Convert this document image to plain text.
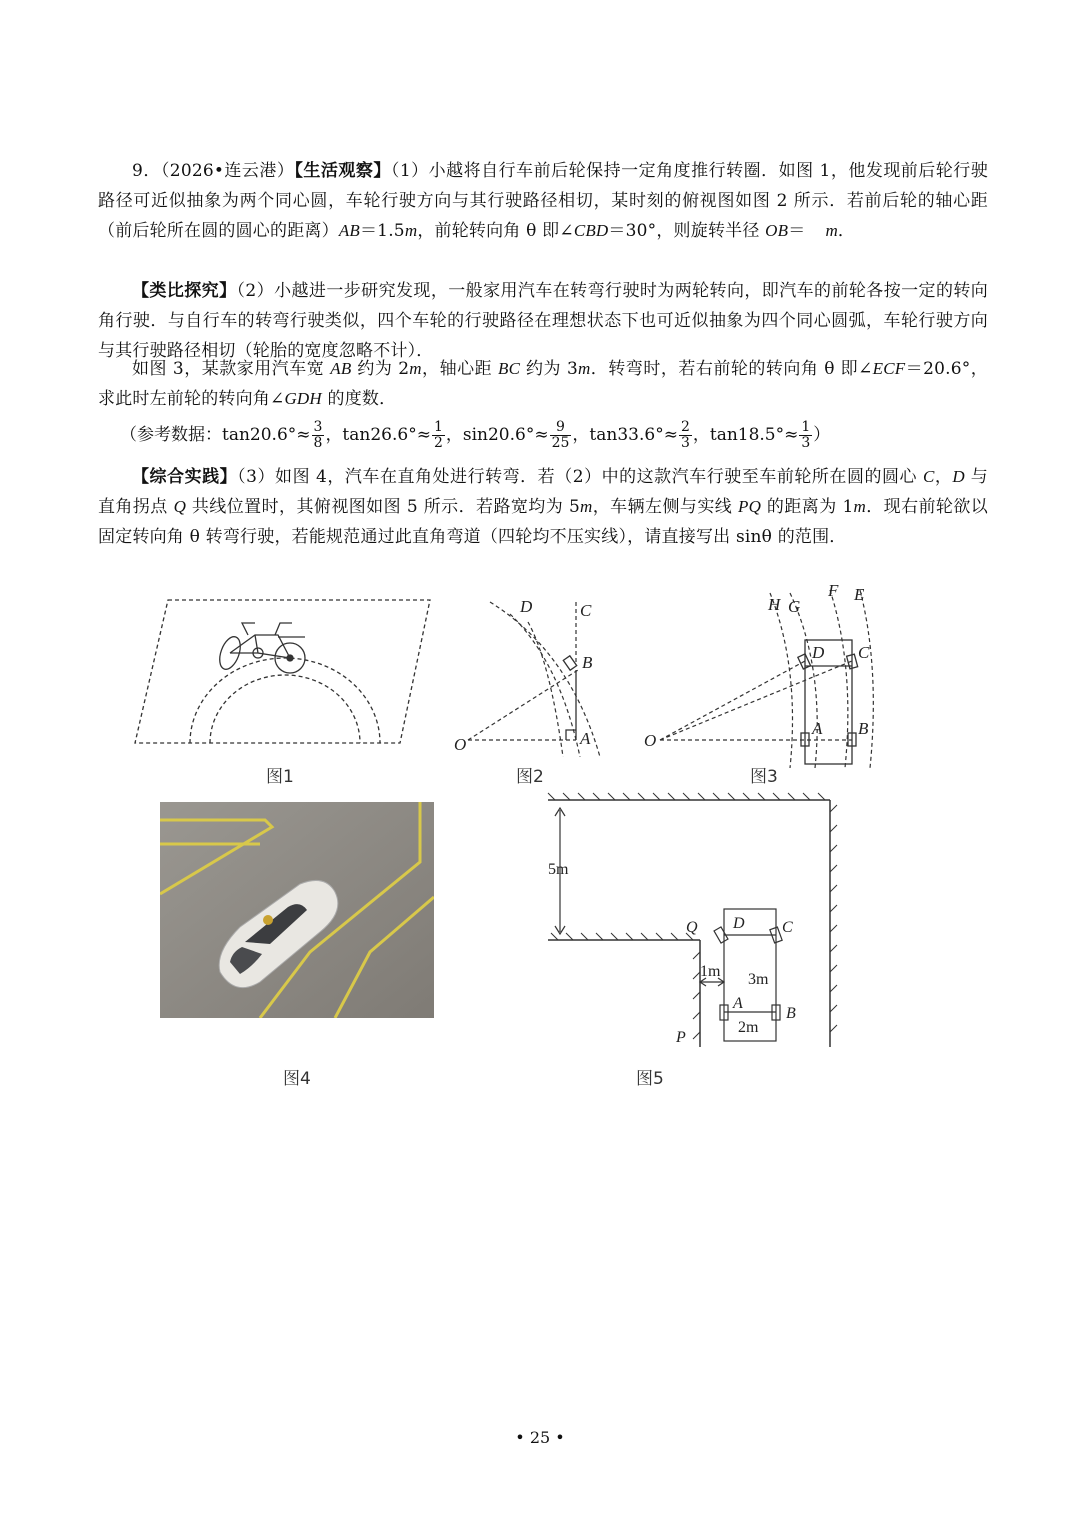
9．（2026•连云港）【生活观察】（1）小越将自行车前后轮保持一定角度推行转圈．如图 1，他发现前后轮行驶路径可近似抽象为两个同心圆，车轮行驶方向与其行驶路径相切，某时刻的俯视图如图 2 所示．若前后轮的轴心距（前后轮所在圆的圆心的距离）AB＝1.5m，前轮转向角 θ 即∠CBD＝30°，则旋转半径 OB＝ m．
【类比探究】（2）小越进一步研究发现，一般家用汽车在转弯行驶时为两轮转向，即汽车的前轮各按一定的转向角行驶．与自行车的转弯行驶类似，四个车轮的行驶路径在理想状态下也可近似抽象为四个同心圆弧，车轮行驶方向与其行驶路径相切（轮胎的宽度忽略不计）．
如图 3，某款家用汽车宽 AB 约为 2m，轴心距 BC 约为 3m．转弯时，若右前轮的转向角 θ 即∠ECF＝20.6°，求此时左前轮的转向角∠GDH 的度数．
（参考数据：$\tan 20.6^\circ\approx \frac{3}{8}$ ，$\tan 26.6^\circ\approx \frac{1}{2}$ ，$\sin 20.6^\circ\approx \frac{9}{25}$ ，$\tan 33.6^\circ\approx \frac{2}{3}$ ，$\tan 18.5^\circ\approx \frac{1}{3}$ ）
【综合实践】（3）如图 4，汽车在直角处进行转弯．若（2）中的这款汽车行驶至车前轮所在圆的圆心 C，D 与直角拐点 Q 共线位置时，其俯视图如图 5 所示．若路宽均为 5m，车辆左侧与实线 PQ 的距离为 1m．现右前轮欲以固定转向角 θ 转弯行驶，若能规范通过此直角弯道（四轮均不压实线），请直接写出 sinθ 的范围．
图1
D	C
B
O	A
图2
H G
F E
D C
A B
O
图3
图4
5m
Q D C
1m 3m
A
B
2m
P
图5
• 25 •
